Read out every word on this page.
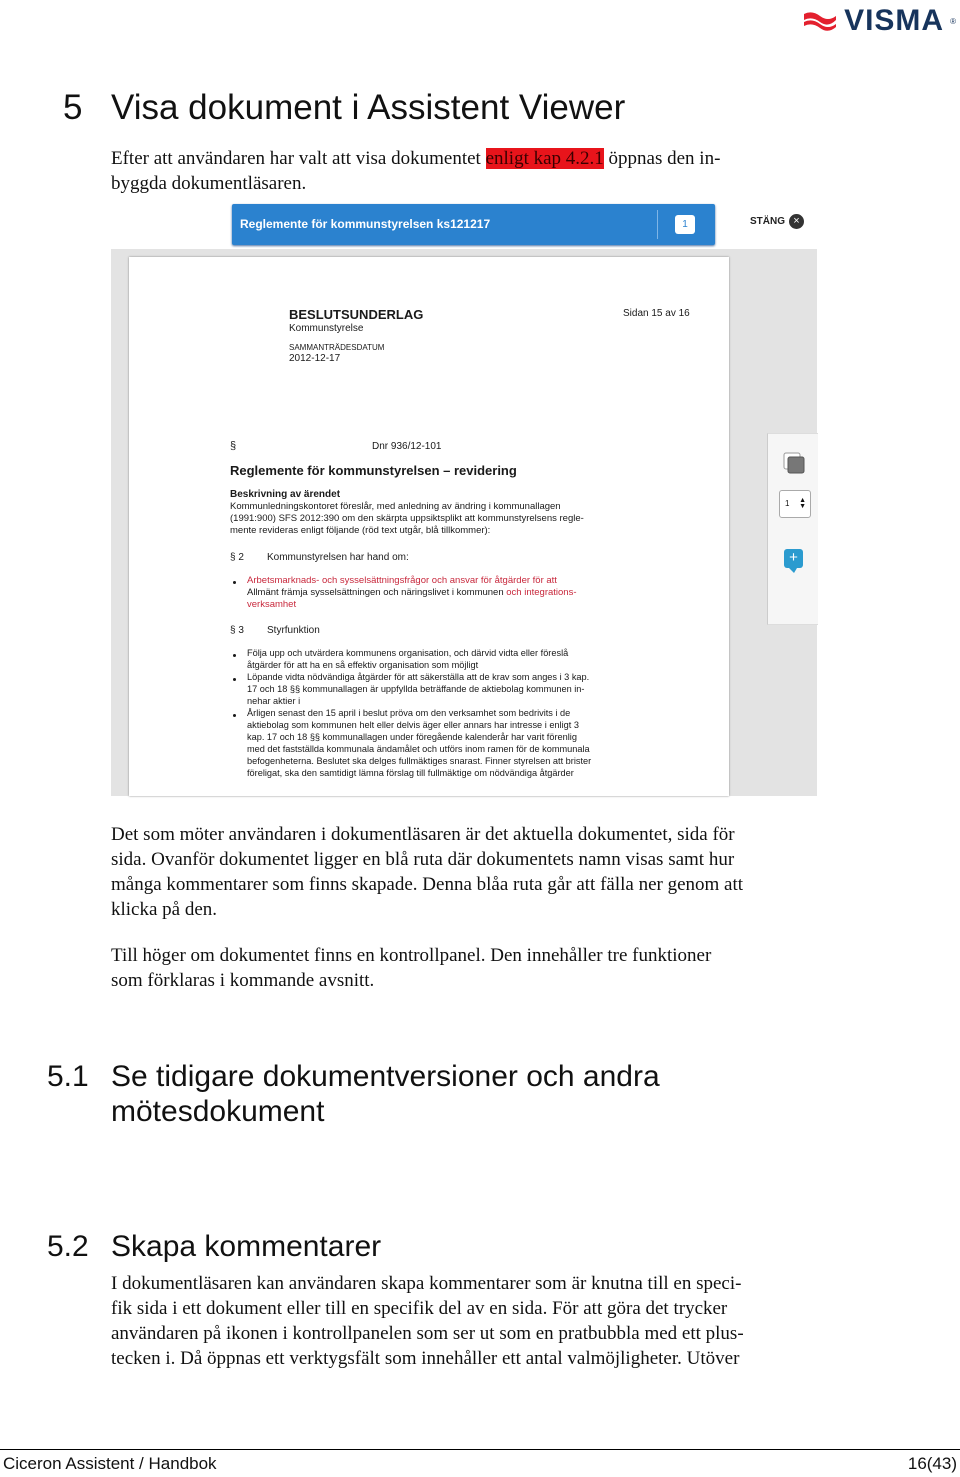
VISMA ®
5 Visa dokument i Assistent Viewer

Efter att användaren har valt att visa dokumentet enligt kap 4.2.1 öppnas den in-
byggda dokumentläsaren.

Reglemente för kommunstyrelsen ks121217	1	STÄNG ×
BESLUTSUNDERLAG
Kommunstyrelse
Sidan 15 av 16
SAMMANTRÄDESDATUM
2012-12-17
§	Dnr 936/12-101
Reglemente för kommunstyrelsen – revidering
Beskrivning av ärendet
Kommunledningskontoret föreslår, med anledning av ändring i kommunallagen
(1991:900) SFS 2012:390 om den skärpta uppsiktsplikt att kommunstyrelsens regle-
mente revideras enligt följande (röd text utgår, blå tillkommer):
§ 2 Kommunstyrelsen har hand om:
Arbetsmarknads- och sysselsättningsfrågor och ansvar för åtgärder för att
Allmänt främja sysselsättningen och näringslivet i kommunen och integrations-
verksamhet
§ 3 Styrfunktion
Följa upp och utvärdera kommunens organisation, och därvid vidta eller föreslå
åtgärder för att ha en så effektiv organisation som möjligt
Löpande vidta nödvändiga åtgärder för att säkerställa att de krav som anges i 3 kap.
17 och 18 §§ kommunallagen är uppfyllda beträffande de aktiebolag kommunen in-
nehar aktier i
Årligen senast den 15 april i beslut pröva om den verksamhet som bedrivits i de
aktiebolag som kommunen helt eller delvis äger eller annars har intresse i enligt 3
kap. 17 och 18 §§ kommunallagen under föregående kalenderår har varit förenlig
med det fastställda kommunala ändamålet och utförs inom ramen för de kommunala
befogenheterna. Beslutet ska delges fullmäktiges snarast. Finner styrelsen att brister
föreligat, ska den samtidigt lämna förslag till fullmäktige om nödvändiga åtgärder
1 ▲
▼
+

Det som möter användaren i dokumentläsaren är det aktuella dokumentet, sida för
sida. Ovanför dokumentet ligger en blå ruta där dokumentets namn visas samt hur
många kommentarer som finns skapade. Denna blåa ruta går att fälla ner genom att
klicka på den.

Till höger om dokumentet finns en kontrollpanel. Den innehåller tre funktioner
som förklaras i kommande avsnitt.

5.1 Se tidigare dokumentversioner och andra
mötesdokument
5.2 Skapa kommentarer

I dokumentläsaren kan användaren skapa kommentarer som är knutna till en speci-
fik sida i ett dokument eller till en specifik del av en sida. För att göra det trycker
användaren på ikonen i kontrollpanelen som ser ut som en pratbubbla med ett plus-
tecken i. Då öppnas ett verktygsfält som innehåller ett antal valmöjligheter. Utöver

Ciceron Assistent / Handbok	16(43)
